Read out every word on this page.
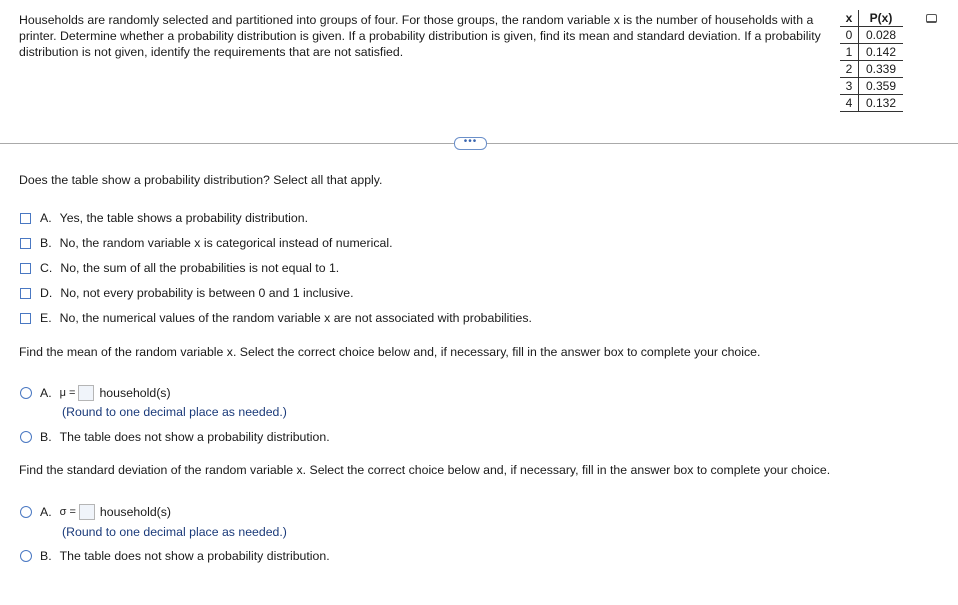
Households are randomly selected and partitioned into groups of four. For those groups, the random variable x is the number of households with a printer. Determine whether a probability distribution is given. If a probability distribution is given, find its mean and standard deviation. If a probability distribution is not given, identify the requirements that are not satisfied.
x	P(x)
0	0.028
1	0.142
2	0.339
3	0.359
4	0.132
•••
Does the table show a probability distribution? Select all that apply.
A. Yes, the table shows a probability distribution.
B. No, the random variable x is categorical instead of numerical.
C. No, the sum of all the probabilities is not equal to 1.
D. No, not every probability is between 0 and 1 inclusive.
E. No, the numerical values of the random variable x are not associated with probabilities.
Find the mean of the random variable x. Select the correct choice below and, if necessary, fill in the answer box to complete your choice.
A. μ = household(s)
(Round to one decimal place as needed.)
B. The table does not show a probability distribution.
Find the standard deviation of the random variable x. Select the correct choice below and, if necessary, fill in the answer box to complete your choice.
A. σ = household(s)
(Round to one decimal place as needed.)
B. The table does not show a probability distribution.
